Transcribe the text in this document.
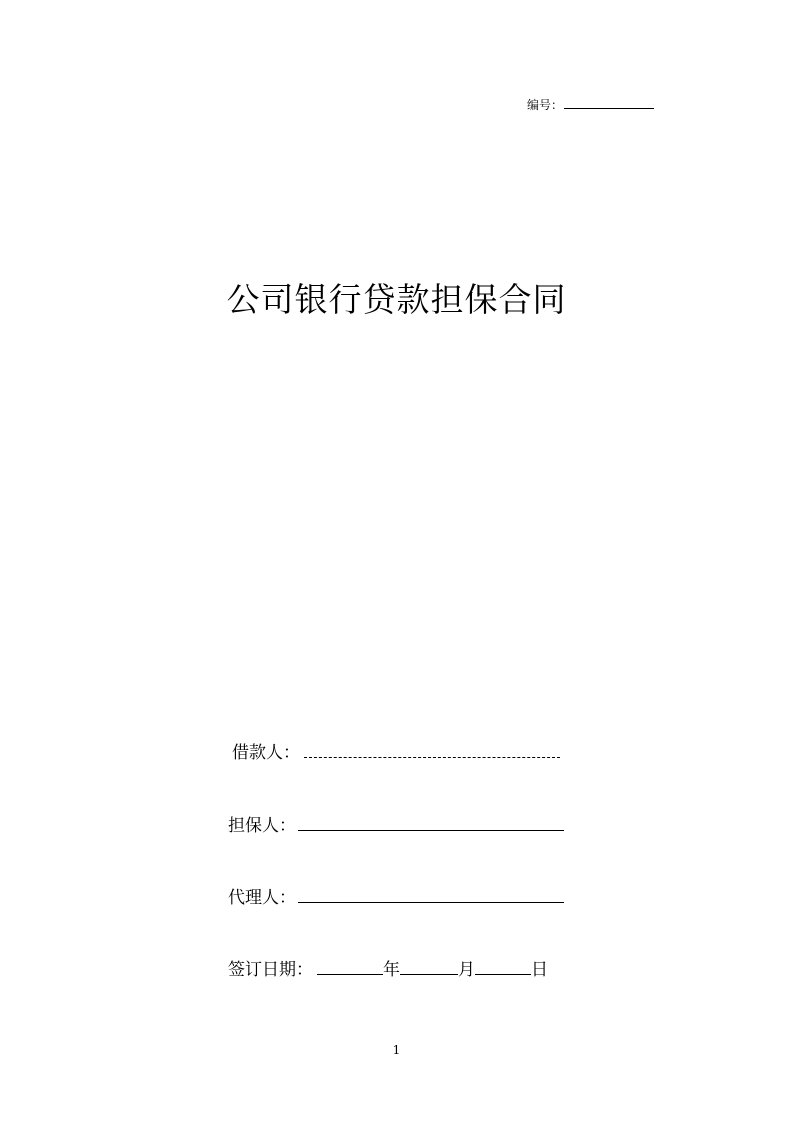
编号：
公司银行贷款担保合同
借款人：
担保人：
代理人：
签订日期：	年	月	日
1
